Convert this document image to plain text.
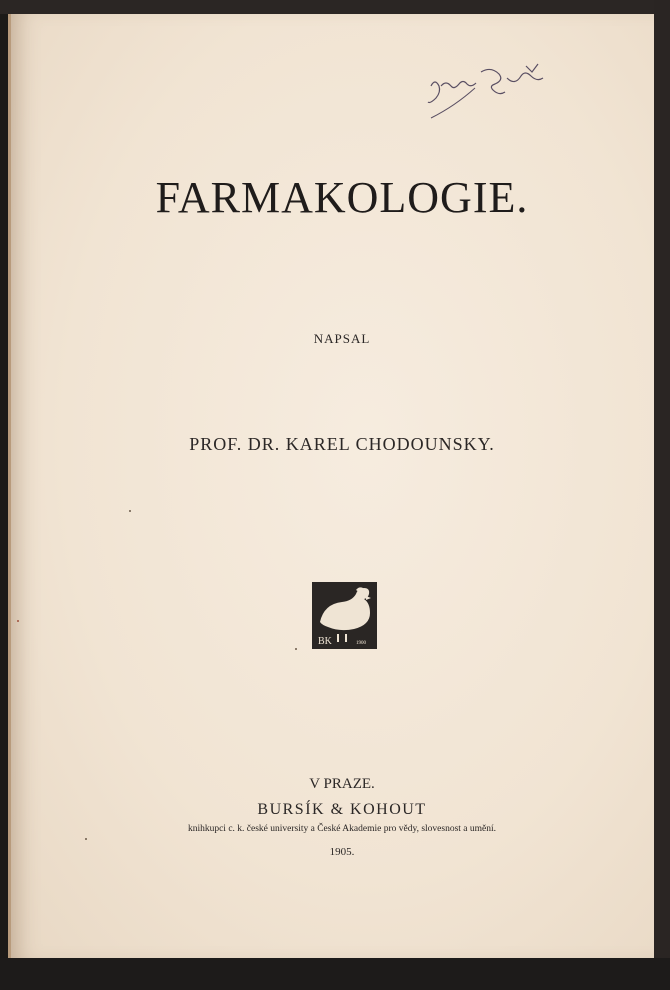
FARMAKOLOGIE.
NAPSAL
PROF. DR. KAREL CHODOUNSKY.
BK	1900
V PRAZE.
BURSÍK & KOHOUT
knihkupci c. k. české university a České Akademie pro vědy, slovesnost a umění.
1905.
